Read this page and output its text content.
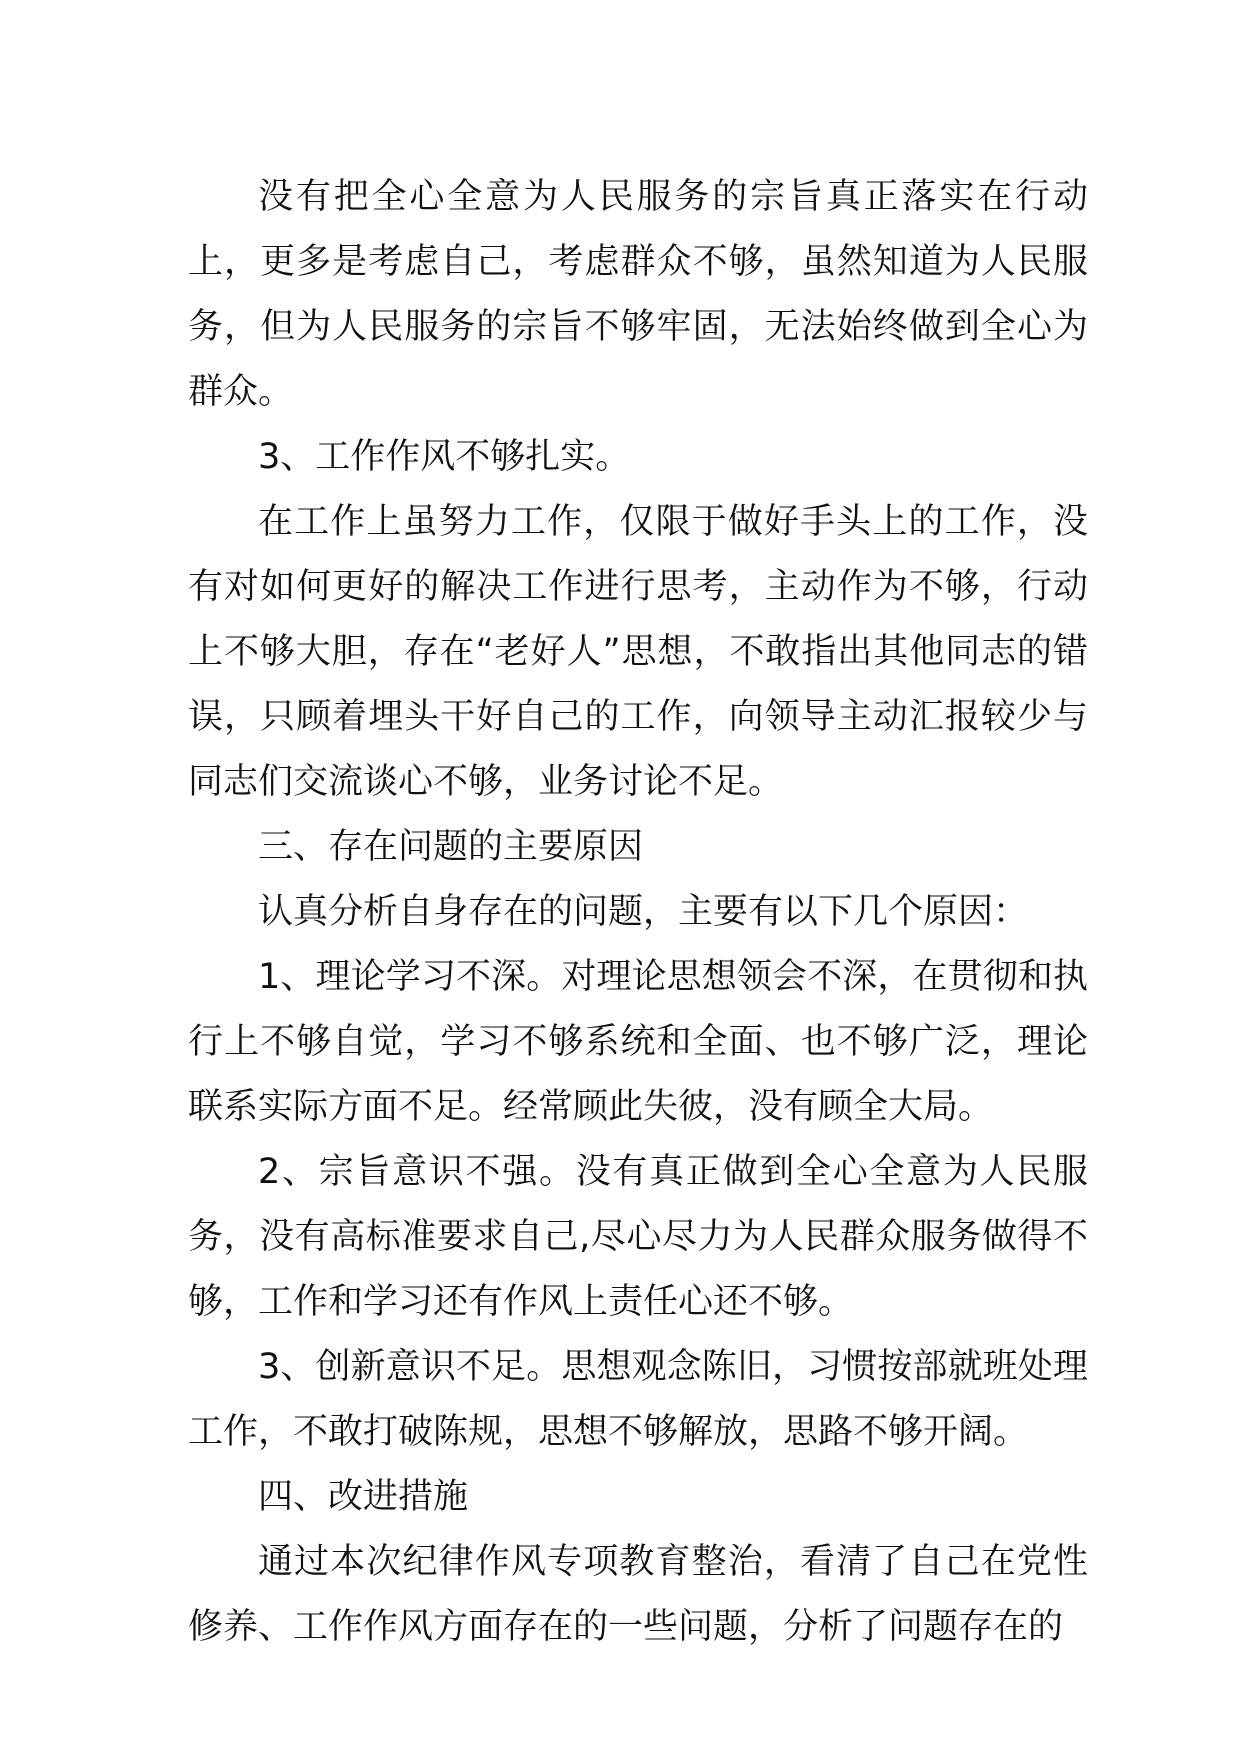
没有把全心全意为人民服务的宗旨真正落实在行动上，更多是考虑自己，考虑群众不够，虽然知道为人民服务，但为人民服务的宗旨不够牢固，无法始终做到全心为群众。

3、工作作风不够扎实。

在工作上虽努力工作，仅限于做好手头上的工作，没有对如何更好的解决工作进行思考，主动作为不够，行动上不够大胆，存在“老好人”思想，不敢指出其他同志的错误，只顾着埋头干好自己的工作，向领导主动汇报较少与同志们交流谈心不够，业务讨论不足。

三、存在问题的主要原因

认真分析自身存在的问题，主要有以下几个原因：

1、理论学习不深。对理论思想领会不深，在贯彻和执行上不够自觉，学习不够系统和全面、也不够广泛，理论联系实际方面不足。经常顾此失彼，没有顾全大局。

2、宗旨意识不强。没有真正做到全心全意为人民服务，没有高标准要求自己,尽心尽力为人民群众服务做得不够，工作和学习还有作风上责任心还不够。

3、创新意识不足。思想观念陈旧，习惯按部就班处理工作，不敢打破陈规，思想不够解放，思路不够开阔。

四、改进措施

通过本次纪律作风专项教育整治，看清了自己在党性修养、工作作风方面存在的一些问题，分析了问题存在的
